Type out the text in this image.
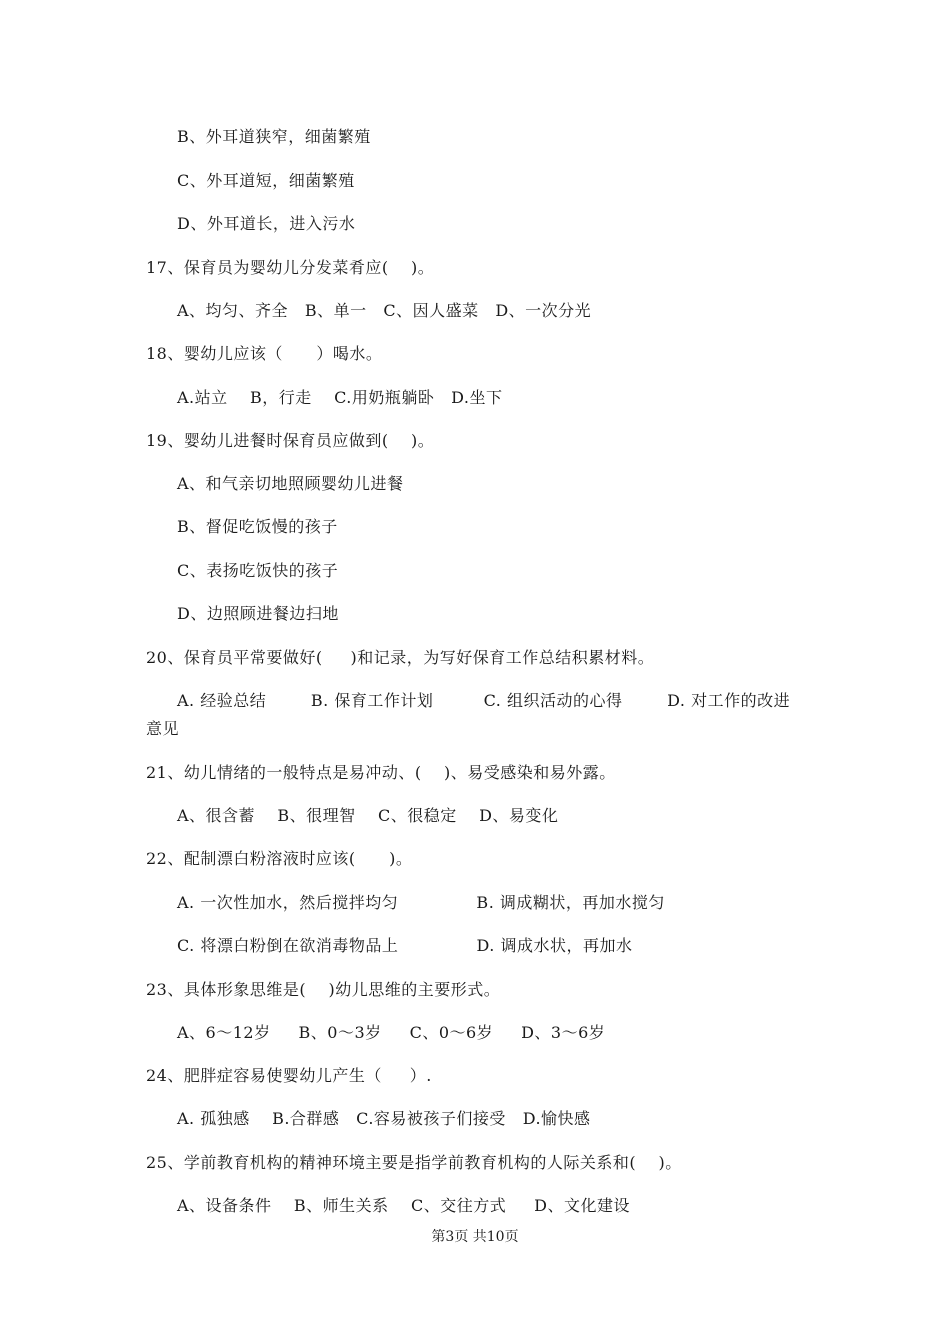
B、外耳道狭窄，细菌繁殖
C、外耳道短，细菌繁殖
D、外耳道长，进入污水
17、保育员为婴幼儿分发菜肴应(    )。
A、均匀、齐全   B、单一   C、因人盛菜   D、一次分光
18、婴幼儿应该（      ）喝水。
A.站立    B，行走    C.用奶瓶躺卧   D.坐下
19、婴幼儿进餐时保育员应做到(    )。
A、和气亲切地照顾婴幼儿进餐
B、督促吃饭慢的孩子
C、表扬吃饭快的孩子
D、边照顾进餐边扫地
20、保育员平常要做好(     )和记录，为写好保育工作总结积累材料。
A. 经验总结        B. 保育工作计划         C. 组织活动的心得        D. 对工作的改进
意见
21、幼儿情绪的一般特点是易冲动、(    )、易受感染和易外露。
A、很含蓄    B、很理智    C、很稳定    D、易变化
22、配制漂白粉溶液时应该(      )。
A. 一次性加水，然后搅拌均匀              B. 调成糊状，再加水搅匀
C. 将漂白粉倒在欲消毒物品上              D. 调成水状，再加水
23、具体形象思维是(    )幼儿思维的主要形式。
A、6～12岁     B、0～3岁     C、0～6岁     D、3～6岁
24、肥胖症容易使婴幼儿产生（     ）.
A. 孤独感    B.合群感   C.容易被孩子们接受   D.愉快感
25、学前教育机构的精神环境主要是指学前教育机构的人际关系和(    )。
A、设备条件    B、师生关系    C、交往方式     D、文化建设
第3页 共10页
